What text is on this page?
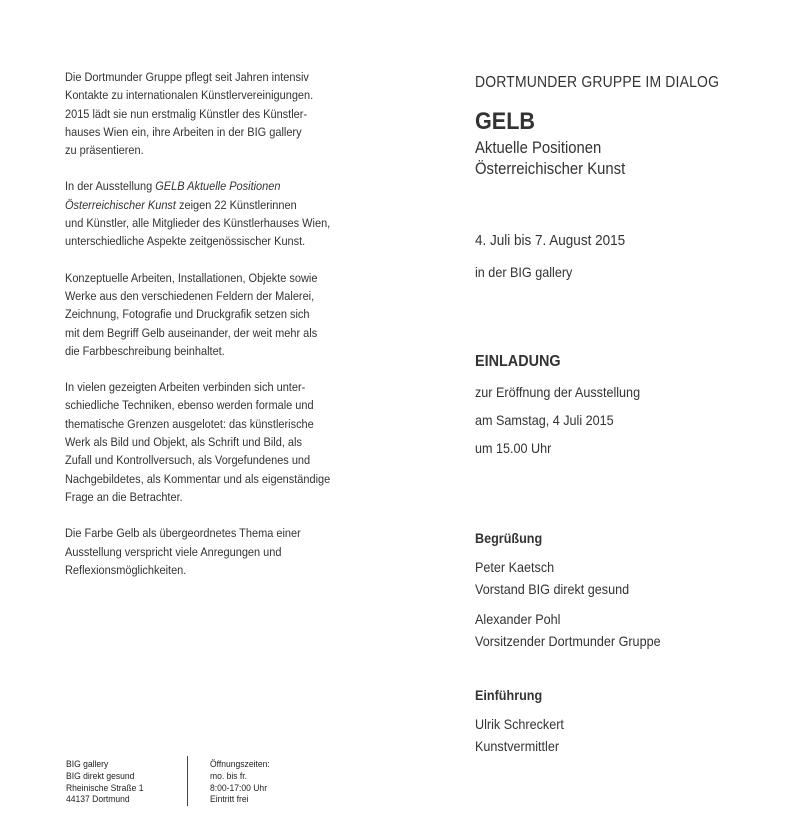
Die Dortmunder Gruppe pflegt seit Jahren intensiv
Kontakte zu internationalen Künstlervereinigungen.
2015 lädt sie nun erstmalig Künstler des Künstler-
hauses Wien ein, ihre Arbeiten in der BIG gallery
zu präsentieren.

In der Ausstellung GELB Aktuelle Positionen
Österreichischer Kunst zeigen 22 Künstlerinnen
und Künstler, alle Mitglieder des Künstlerhauses Wien,
unterschiedliche Aspekte zeitgenössischer Kunst.

Konzeptuelle Arbeiten, Installationen, Objekte sowie
Werke aus den verschiedenen Feldern der Malerei,
Zeichnung, Fotografie und Druckgrafik setzen sich
mit dem Begriff Gelb auseinander, der weit mehr als
die Farbbeschreibung beinhaltet.

In vielen gezeigten Arbeiten verbinden sich unter-
schiedliche Techniken, ebenso werden formale und
thematische Grenzen ausgelotet: das künstlerische
Werk als Bild und Objekt, als Schrift und Bild, als
Zufall und Kontrollversuch, als Vorgefundenes und
Nachgebildetes, als Kommentar und als eigenständige
Frage an die Betrachter.

Die Farbe Gelb als übergeordnetes Thema einer
Ausstellung verspricht viele Anregungen und
Reflexionsmöglichkeiten.

BIG gallery
BIG direkt gesund
Rheinische Straße 1
44137 Dortmund
Öffnungszeiten:
mo. bis fr.
8:00-17:00 Uhr
Eintritt frei
DORTMUNDER GRUPPE IM DIALOG
GELB
Aktuelle Positionen
Österreichischer Kunst
4. Juli bis 7. August 2015
in der BIG gallery
EINLADUNG
zur Eröffnung der Ausstellung
am Samstag, 4 Juli 2015
um 15.00 Uhr
Begrüßung
Peter Kaetsch
Vorstand BIG direkt gesund
Alexander Pohl
Vorsitzender Dortmunder Gruppe
Einführung
Ulrik Schreckert
Kunstvermittler
